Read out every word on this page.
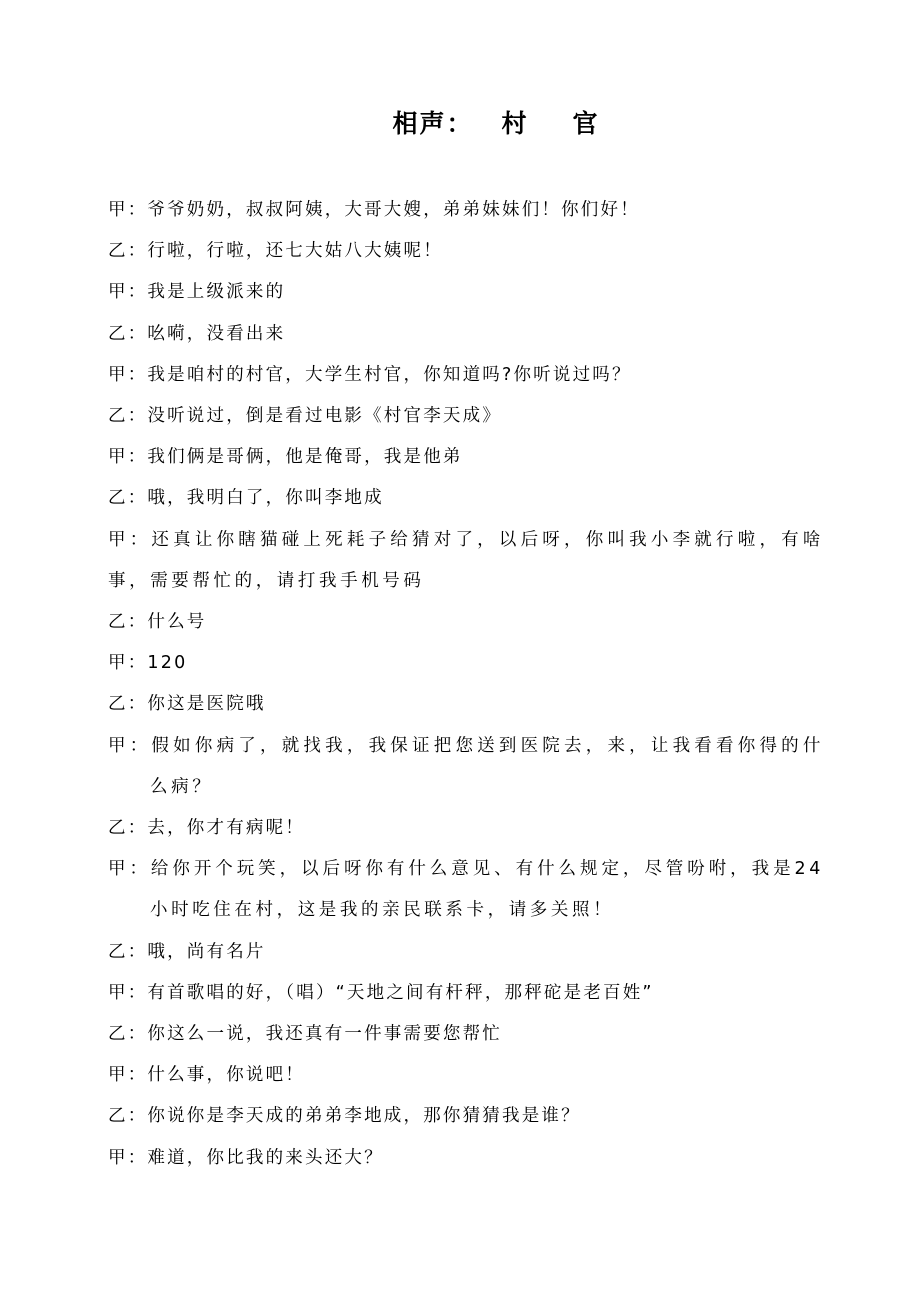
相声： 村 官
甲：爷爷奶奶，叔叔阿姨，大哥大嫂，弟弟妹妹们！你们好！
乙：行啦，行啦，还七大姑八大姨呢！
甲：我是上级派来的
乙：吆嗬，没看出来
甲：我是咱村的村官，大学生村官，你知道吗?你听说过吗？
乙：没听说过，倒是看过电影《村官李天成》
甲：我们俩是哥俩，他是俺哥，我是他弟
乙：哦，我明白了，你叫李地成
甲：还真让你瞎猫碰上死耗子给猜对了，以后呀，你叫我小李就行啦，有啥事，需要帮忙的，请打我手机号码
乙：什么号
甲：120
乙：你这是医院哦
甲：假如你病了，就找我，我保证把您送到医院去，来，让我看看你得的什么病？
乙：去，你才有病呢！
甲：给你开个玩笑，以后呀你有什么意见、有什么规定，尽管吩咐，我是24小时吃住在村，这是我的亲民联系卡，请多关照！
乙：哦，尚有名片
甲：有首歌唱的好，（唱）“天地之间有杆秤，那秤砣是老百姓”
乙：你这么一说，我还真有一件事需要您帮忙
甲：什么事，你说吧！
乙：你说你是李天成的弟弟李地成，那你猜猜我是谁？
甲：难道，你比我的来头还大？
